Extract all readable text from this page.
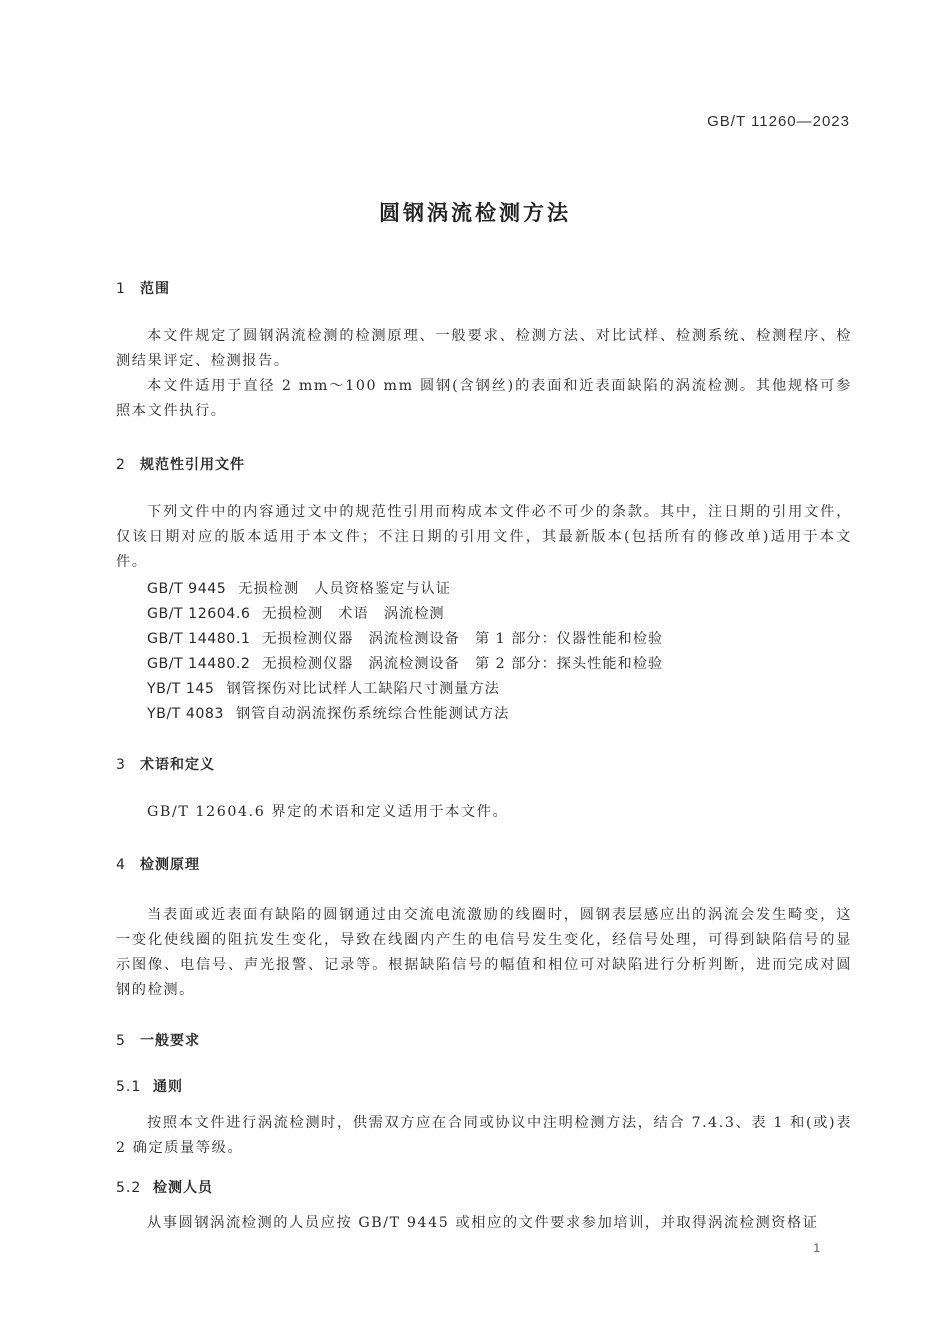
GB/T 11260—2023
圆钢涡流检测方法
1 范围
本文件规定了圆钢涡流检测的检测原理、一般要求、检测方法、对比试样、检测系统、检测程序、检测结果评定、检测报告。
本文件适用于直径 2 mm～100 mm 圆钢(含钢丝)的表面和近表面缺陷的涡流检测。其他规格可参照本文件执行。
2 规范性引用文件
下列文件中的内容通过文中的规范性引用而构成本文件必不可少的条款。其中，注日期的引用文件，仅该日期对应的版本适用于本文件；不注日期的引用文件，其最新版本(包括所有的修改单)适用于本文件。
GB/T 9445 无损检测　人员资格鉴定与认证
GB/T 12604.6 无损检测　术语　涡流检测
GB/T 14480.1 无损检测仪器　涡流检测设备　第 1 部分：仪器性能和检验
GB/T 14480.2 无损检测仪器　涡流检测设备　第 2 部分：探头性能和检验
YB/T 145 钢管探伤对比试样人工缺陷尺寸测量方法
YB/T 4083 钢管自动涡流探伤系统综合性能测试方法
3 术语和定义
GB/T 12604.6 界定的术语和定义适用于本文件。
4 检测原理
当表面或近表面有缺陷的圆钢通过由交流电流激励的线圈时，圆钢表层感应出的涡流会发生畸变，这一变化使线圈的阻抗发生变化，导致在线圈内产生的电信号发生变化，经信号处理，可得到缺陷信号的显示图像、电信号、声光报警、记录等。根据缺陷信号的幅值和相位可对缺陷进行分析判断，进而完成对圆钢的检测。
5 一般要求
5.1 通则
按照本文件进行涡流检测时，供需双方应在合同或协议中注明检测方法，结合 7.4.3、表 1 和(或)表 2 确定质量等级。
5.2 检测人员
从事圆钢涡流检测的人员应按 GB/T 9445 或相应的文件要求参加培训，并取得涡流检测资格证
1
